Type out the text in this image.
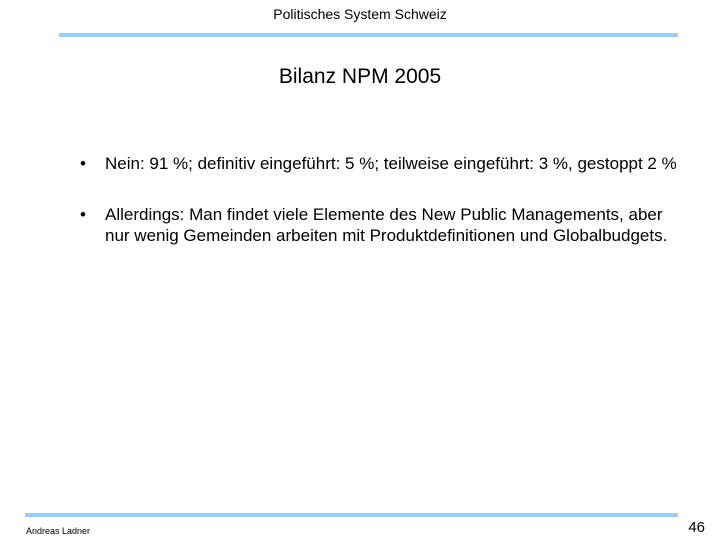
Politisches System Schweiz
Bilanz NPM 2005
• Nein: 91 %; definitiv eingeführt: 5 %; teilweise eingeführt: 3 %, gestoppt 2 %
• Allerdings: Man findet viele Elemente des New Public Managements, aber nur wenig Gemeinden arbeiten mit Produktdefinitionen und Globalbudgets.
Andreas Ladner	46
